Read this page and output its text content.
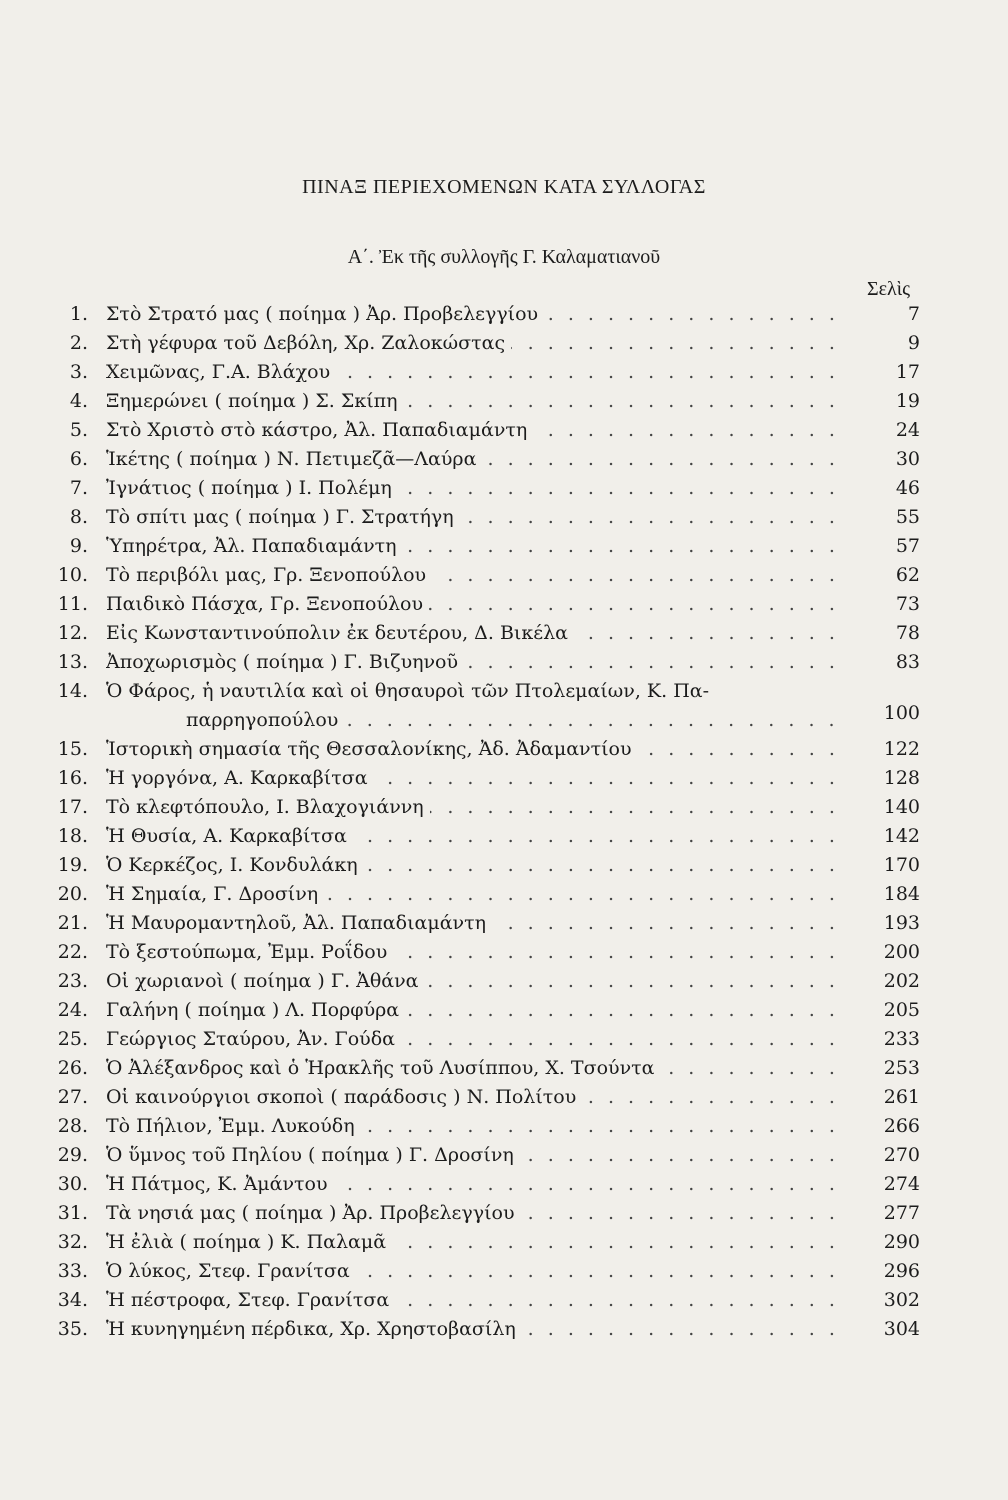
ΠΙΝΑΞ ΠΕΡΙΕΧΟΜΕΝΩΝ ΚΑΤΑ ΣΥΛΛΟΓΑΣ
Α΄. Ἐκ τῆς συλλογῆς Γ. Καλαματιανοῦ
Σελὶς
1. Στὸ Στρατό μας ( ποίημα ) Ἀρ. Προβελεγγίου . . .	7
2. Στὴ γέφυρα τοῦ Δεβόλη, Χρ. Ζαλοκώστας . . .	9
3. Χειμῶνας, Γ.Α. Βλάχου . . .	17
4. Ξημερώνει ( ποίημα ) Σ. Σκίπη . . .	19
5. Στὸ Χριστὸ στὸ κάστρο, Ἀλ. Παπαδιαμάντη . . .	24
6. Ἱκέτης ( ποίημα ) Ν. Πετιμεζᾶ—Λαύρα . . .	30
7. Ἰγνάτιος ( ποίημα ) Ι. Πολέμη . . .	46
8. Τὸ σπίτι μας ( ποίημα ) Γ. Στρατήγη . . .	55
9. Ὑπηρέτρα, Ἀλ. Παπαδιαμάντη . . .	57
10. Τὸ περιβόλι μας, Γρ. Ξενοπούλου . . .	62
11. Παιδικὸ Πάσχα, Γρ. Ξενοπούλου . . .	73
12. Εἰς Κωνσταντινούπολιν ἐκ δευτέρου, Δ. Βικέλα . . .	78
13. Ἀποχωρισμὸς ( ποίημα ) Γ. Βιζυηνοῦ . . .	83
14. Ὁ Φάρος, ἡ ναυτιλία καὶ οἱ θησαυροὶ τῶν Πτολεμαίων, Κ. Πα-
παρρηγοπούλου . . .	100
15. Ἱστορικὴ σημασία τῆς Θεσσαλονίκης, Ἀδ. Ἀδαμαντίου . . .	122
16. Ἡ γοργόνα, Α. Καρκαβίτσα . . .	128
17. Τὸ κλεφτόπουλο, Ι. Βλαχογιάννη . . .	140
18. Ἡ Θυσία, Α. Καρκαβίτσα . . .	142
19. Ὁ Κερκέζος, Ι. Κονδυλάκη . . .	170
20. Ἡ Σημαία, Γ. Δροσίνη . . .	184
21. Ἡ Μαυρομαντηλοῦ, Ἀλ. Παπαδιαμάντη . . .	193
22. Τὸ ξεστούπωμα, Ἐμμ. Ροΐδου . . .	200
23. Οἱ χωριανοὶ ( ποίημα ) Γ. Ἀθάνα . . .	202
24. Γαλήνη ( ποίημα ) Λ. Πορφύρα . . .	205
25. Γεώργιος Σταύρου, Ἀν. Γούδα . . .	233
26. Ὁ Ἀλέξανδρος καὶ ὁ Ἡρακλῆς τοῦ Λυσίππου, Χ. Τσούντα . . .	253
27. Οἱ καινούργιοι σκοποὶ ( παράδοσις ) Ν. Πολίτου . . .	261
28. Τὸ Πήλιον, Ἐμμ. Λυκούδη . . .	266
29. Ὁ ὕμνος τοῦ Πηλίου ( ποίημα ) Γ. Δροσίνη . . .	270
30. Ἡ Πάτμος, Κ. Ἀμάντου . . .	274
31. Τὰ νησιά μας ( ποίημα ) Ἀρ. Προβελεγγίου . . .	277
32. Ἡ ἐλιὰ ( ποίημα ) Κ. Παλαμᾶ . . .	290
33. Ὁ λύκος, Στεφ. Γρανίτσα . . .	296
34. Ἡ πέστροφα, Στεφ. Γρανίτσα . . .	302
35. Ἡ κυνηγημένη πέρδικα, Χρ. Χρηστοβασίλη . . .	304
